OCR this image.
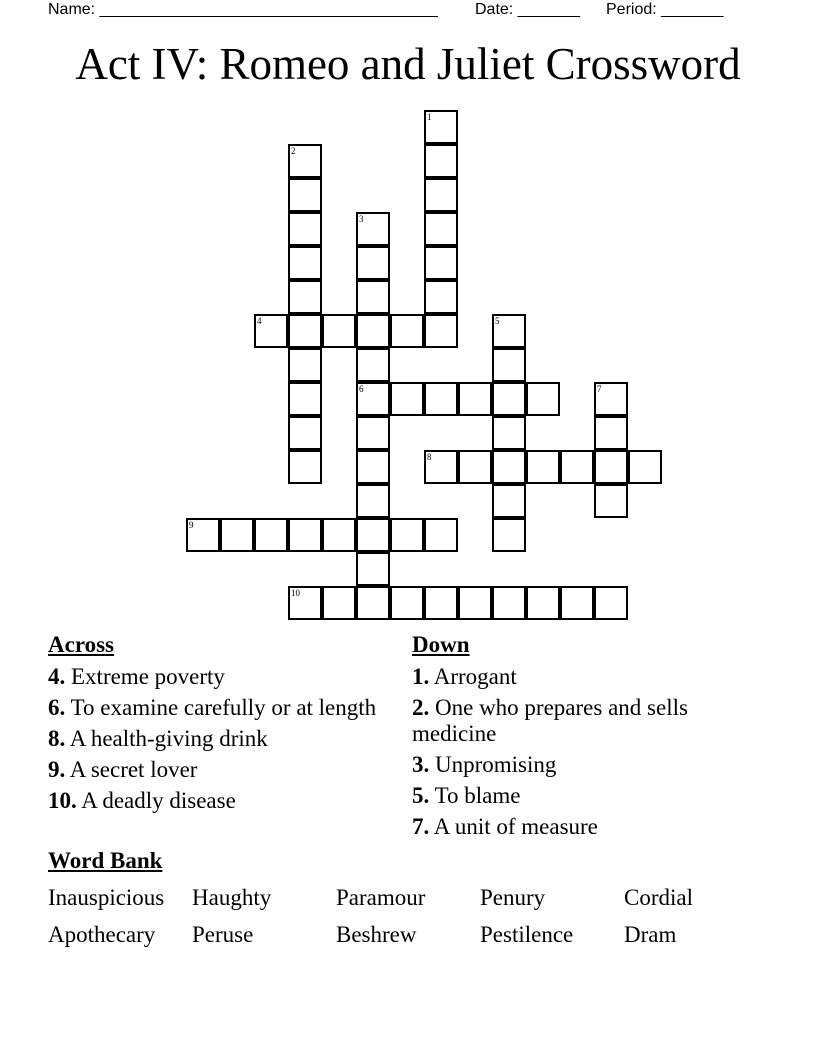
Name: ______________________________________ Date: _______ Period: _______
Act IV: Romeo and Juliet Crossword
1
2
3
4	5
6	7
8
9
10
Across
4. Extreme poverty
6. To examine carefully or at length
8. A health-giving drink
9. A secret lover
10. A deadly disease
Down
1. Arrogant
2. One who prepares and sells medicine
3. Unpromising
5. To blame
7. A unit of measure
Word Bank
Inauspicious Haughty	Paramour Penury	Cordial
Apothecary Peruse	Beshrew	Pestilence Dram
